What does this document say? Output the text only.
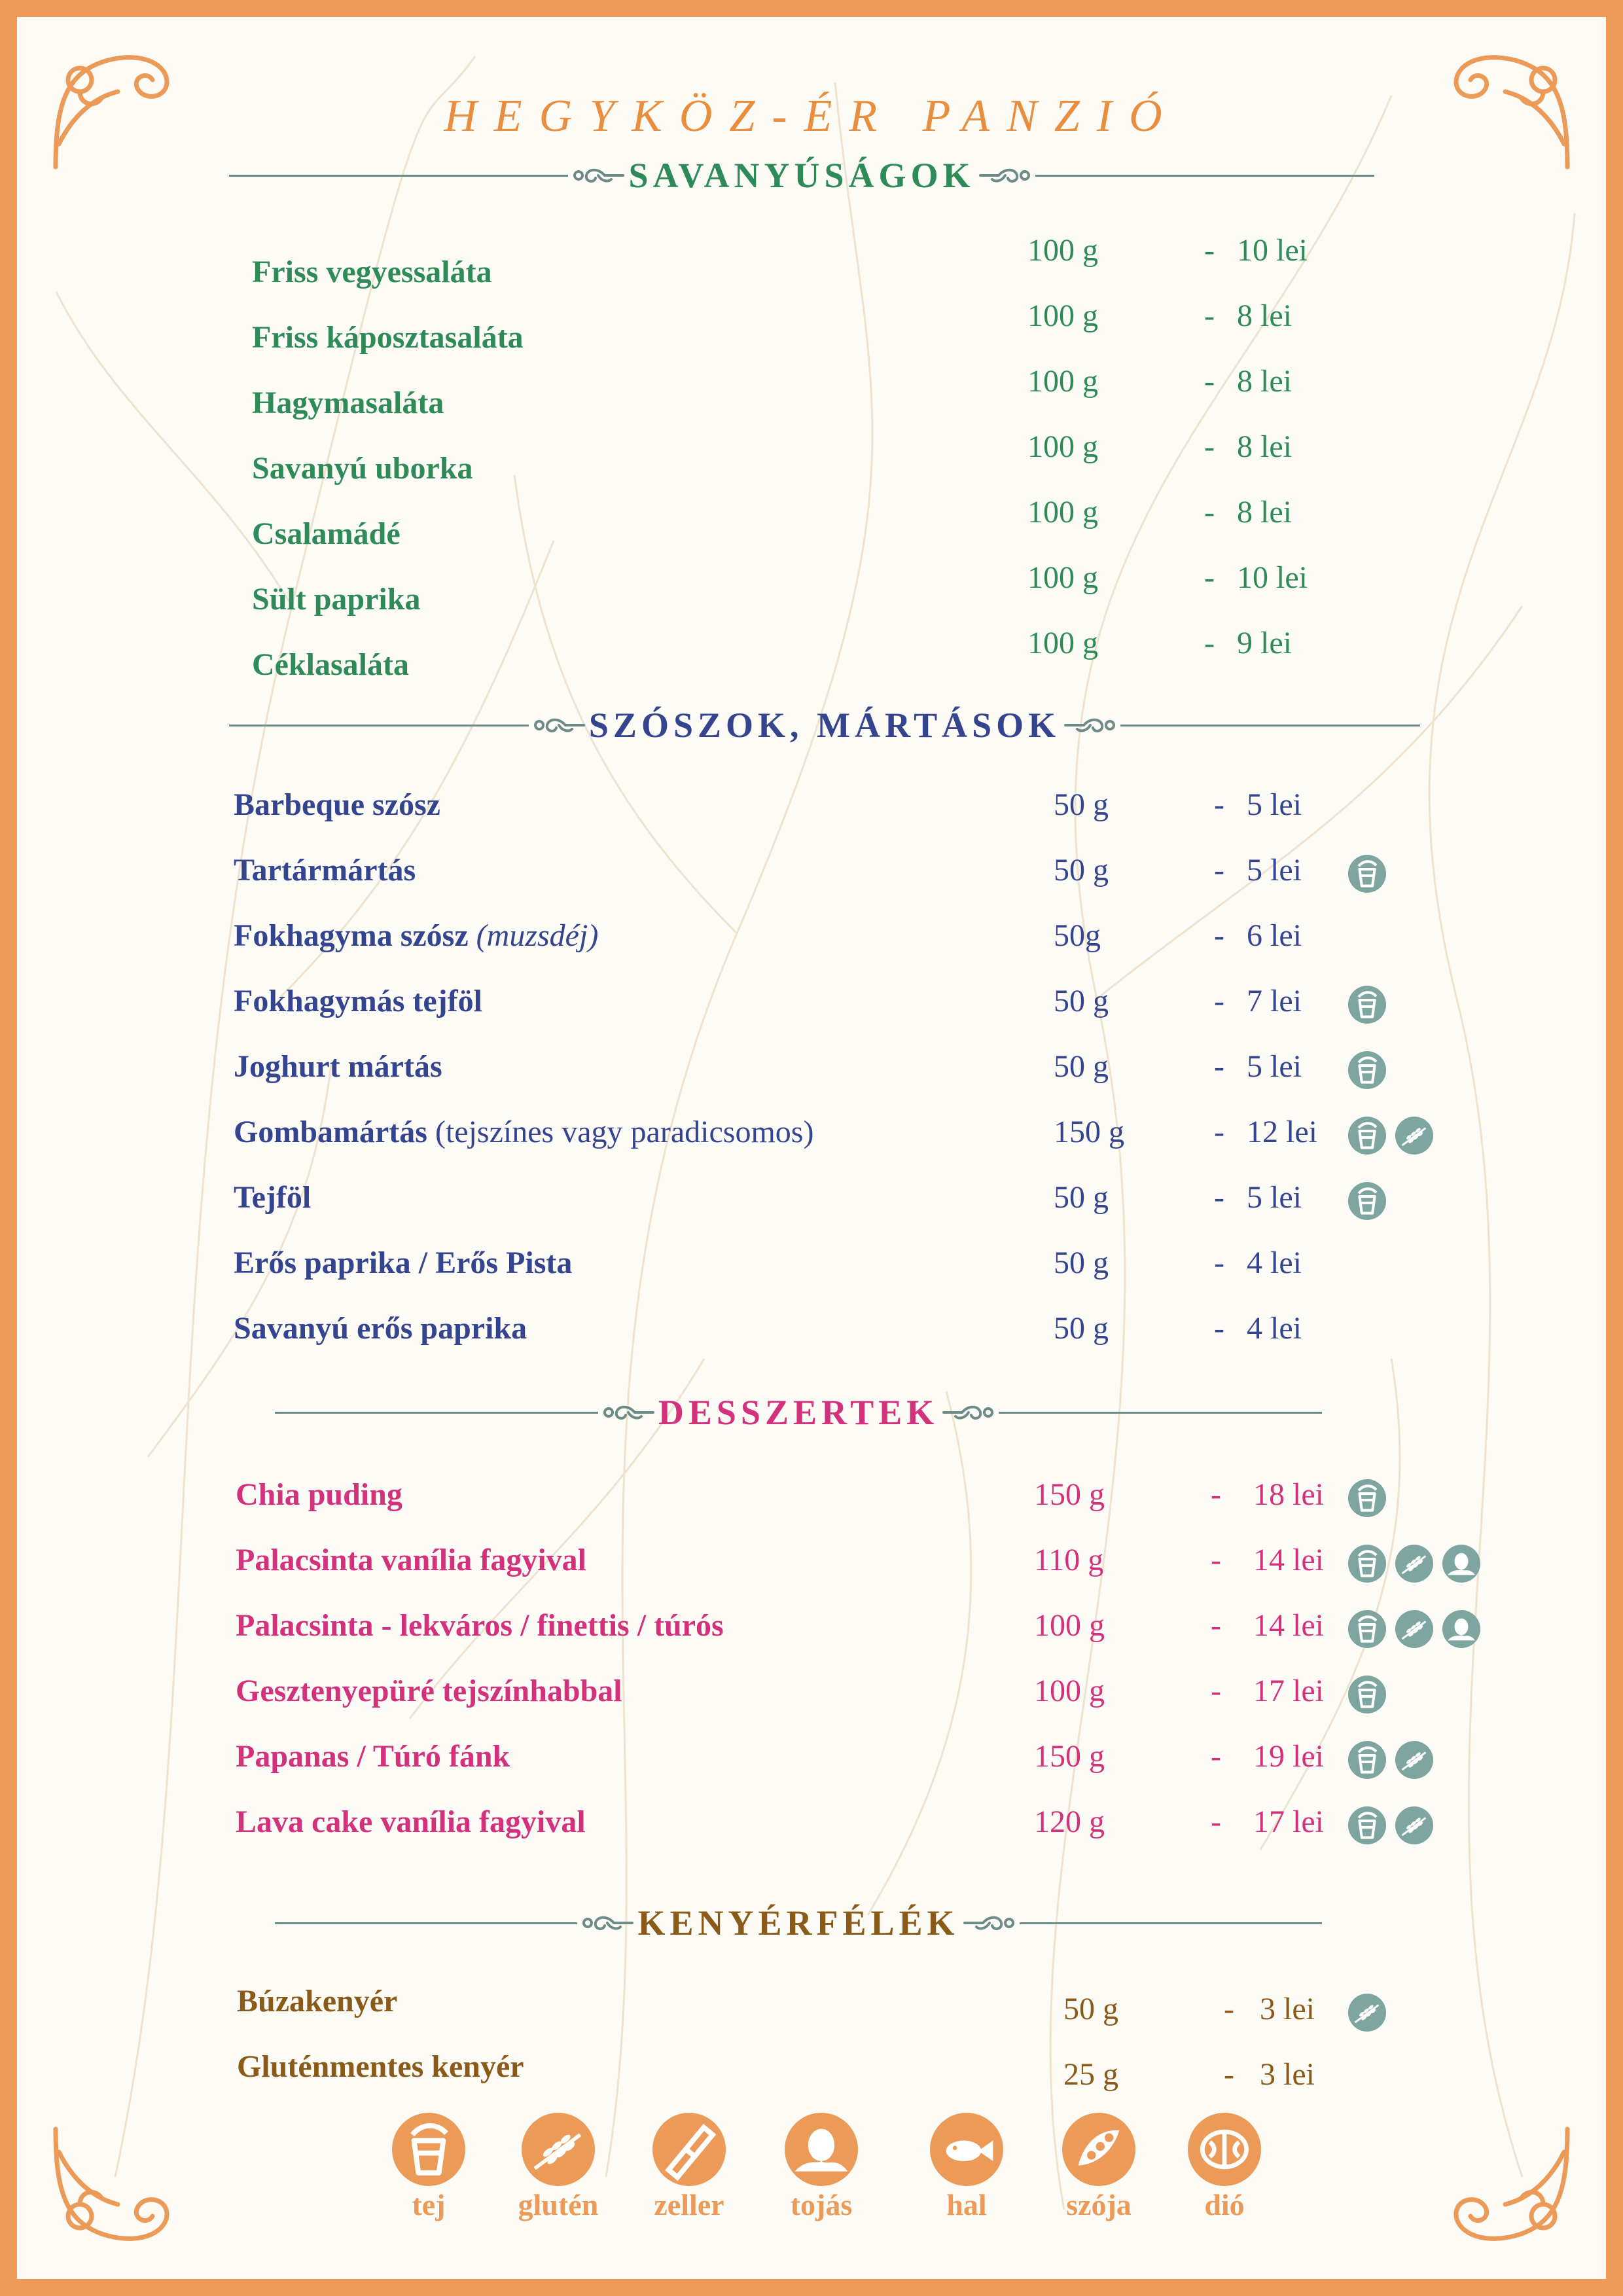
HEGYKÖZ-ÉR PANZIÓ
SAVANYÚSÁGOK
Friss vegyessaláta
100 g	- 10 lei
Friss káposztasaláta
100 g	- 8 lei
Hagymasaláta
100 g	- 8 lei
Savanyú uborka
100 g	- 8 lei
Csalamádé
100 g	- 8 lei
Sült paprika
100 g	- 10 lei
Céklasaláta
100 g	- 9 lei
SZÓSZOK, MÁRTÁSOK
Barbeque szósz	50 g	- 5 lei
Tartármártás	50 g	- 5 lei
Fokhagyma szósz (muzsdéj)	50g	- 6 lei
Fokhagymás tejföl	50 g	- 7 lei
Joghurt mártás	50 g	- 5 lei
Gombamártás (tejszínes vagy paradicsomos)	150 g	- 12 lei
Tejföl	50 g	- 5 lei
Erős paprika / Erős Pista	50 g	- 4 lei
Savanyú erős paprika	50 g	- 4 lei
DESSZERTEK
Chia puding	150 g	- 18 lei
Palacsinta vanília fagyival	110 g	- 14 lei
Palacsinta - lekváros / finettis / túrós	100 g	- 14 lei
Gesztenyepüré tejszínhabbal	100 g	- 17 lei
Papanas / Túró fánk	150 g	- 19 lei
Lava cake vanília fagyival	120 g	- 17 lei
KENYÉRFÉLÉK
Búzakenyér	50 g	- 3 lei
Gluténmentes kenyér	25 g	- 3 lei
tej	glutén	zeller	tojás	hal	szója	dió
